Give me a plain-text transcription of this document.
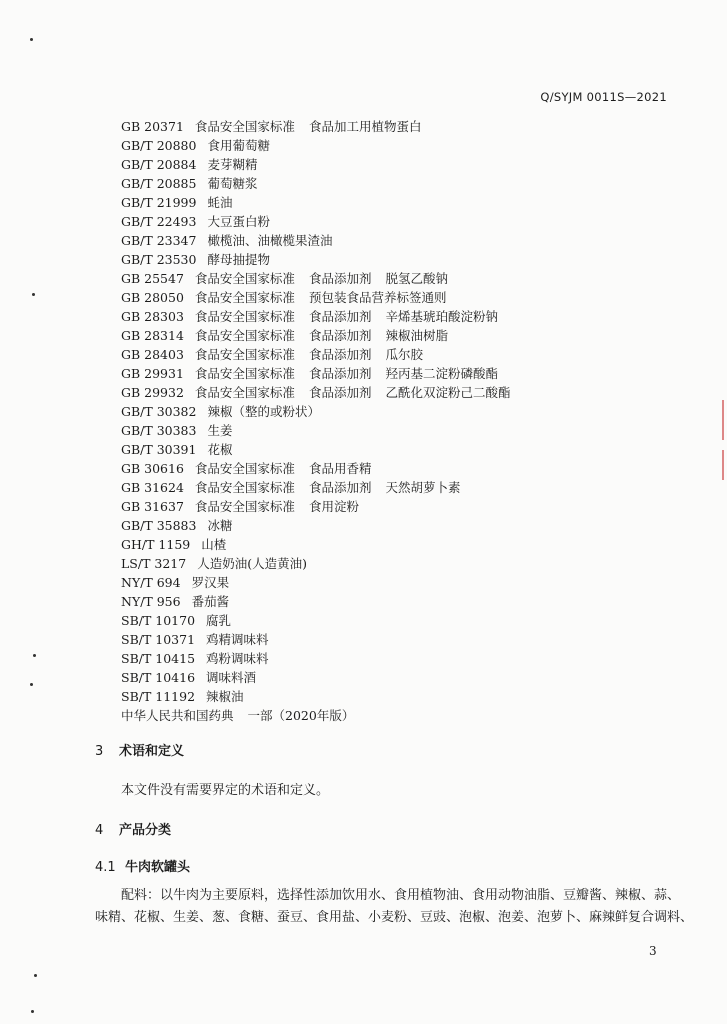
Q/SYJM 0011S—2021
GB 20371 食品安全国家标准 食品加工用植物蛋白
GB/T 20880 食用葡萄糖
GB/T 20884 麦芽糊精
GB/T 20885 葡萄糖浆
GB/T 21999 蚝油
GB/T 22493 大豆蛋白粉
GB/T 23347 橄榄油、油橄榄果渣油
GB/T 23530 酵母抽提物
GB 25547 食品安全国家标准 食品添加剂 脱氢乙酸钠
GB 28050 食品安全国家标准 预包装食品营养标签通则
GB 28303 食品安全国家标准 食品添加剂 辛烯基琥珀酸淀粉钠
GB 28314 食品安全国家标准 食品添加剂 辣椒油树脂
GB 28403 食品安全国家标准 食品添加剂 瓜尔胶
GB 29931 食品安全国家标准 食品添加剂 羟丙基二淀粉磷酸酯
GB 29932 食品安全国家标准 食品添加剂 乙酰化双淀粉己二酸酯
GB/T 30382 辣椒（整的或粉状）
GB/T 30383 生姜
GB/T 30391 花椒
GB 30616 食品安全国家标准 食品用香精
GB 31624 食品安全国家标准 食品添加剂 天然胡萝卜素
GB 31637 食品安全国家标准 食用淀粉
GB/T 35883 冰糖
GH/T 1159 山楂
LS/T 3217 人造奶油(人造黄油)
NY/T 694 罗汉果
NY/T 956 番茄酱
SB/T 10170 腐乳
SB/T 10371 鸡精调味料
SB/T 10415 鸡粉调味料
SB/T 10416 调味料酒
SB/T 11192 辣椒油
中华人民共和国药典 一部（2020年版）
3 术语和定义
本文件没有需要界定的术语和定义。
4 产品分类
4.1 牛肉软罐头
配料：以牛肉为主要原料，选择性添加饮用水、食用植物油、食用动物油脂、豆瓣酱、辣椒、蒜、
味精、花椒、生姜、葱、食糖、蚕豆、食用盐、小麦粉、豆豉、泡椒、泡姜、泡萝卜、麻辣鲜复合调料、
3
